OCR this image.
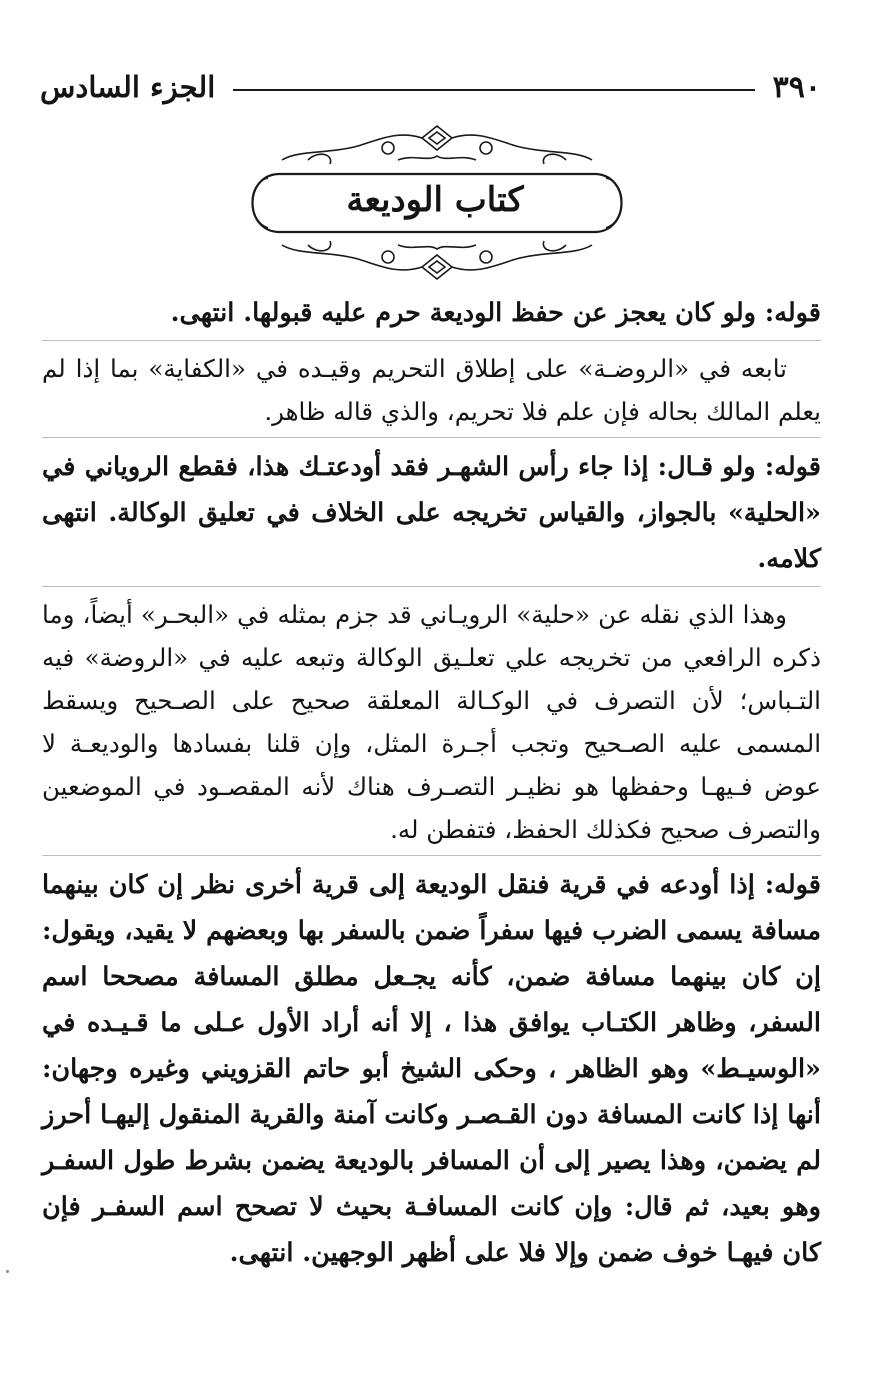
٣٩٠
الجزء السادس
كتاب الوديعة

قوله: ولو كان يعجز عن حفظ الوديعة حرم عليه قبولها. انتهى.

تابعه في «الروضـة» على إطلاق التحريم وقيـده في «الكفاية» بما إذا لم يعلم المالك بحاله فإن علم فلا تحريم، والذي قاله ظاهر.

قوله: ولو قـال: إذا جاء رأس الشهـر فقد أودعتـك هذا، فقطع الروياني في «الحلية» بالجواز، والقياس تخريجه على الخلاف في تعليق الوكالة. انتهى كلامه.

وهذا الذي نقله عن «حلية» الرويـاني قد جزم بمثله في «البحـر» أيضاً، وما ذكره الرافعي من تخريجه علي تعلـيق الوكالة وتبعه عليه في «الروضة» فيه التـباس؛ لأن التصرف في الوكـالة المعلقة صحيح على الصـحيح ويسقط المسمى عليه الصـحيح وتجب أجـرة المثل، وإن قلنا بفسادها والوديعـة لا عوض فـيهـا وحفظها هو نظيـر التصـرف هناك لأنه المقصـود في الموضعين والتصرف صحيح فكذلك الحفظ، فتفطن له.

قوله: إذا أودعه في قرية فنقل الوديعة إلى قرية أخرى نظر إن كان بينهما مسافة يسمى الضرب فيها سفراً ضمن بالسفر بها وبعضهم لا يقيد، ويقول: إن كان بينهما مسافة ضمن، كأنه يجـعل مطلق المسافة مصححا اسم السفر، وظاهر الكتـاب يوافق هذا ، إلا أنه أراد الأول عـلى ما قـيـده في «الوسيـط» وهو الظاهر ، وحكى الشيخ أبو حاتم القزويني وغيره وجهان: أنها إذا كانت المسافة دون القـصـر وكانت آمنة والقرية المنقول إليهـا أحرز لم يضمن، وهذا يصير إلى أن المسافر بالوديعة يضمن بشرط طول السفـر وهو بعيد، ثم قال: وإن كانت المسافـة بحيث لا تصحح اسم السفـر فإن كان فيهـا خوف ضمن وإلا فلا على أظهر الوجهين. انتهى.
